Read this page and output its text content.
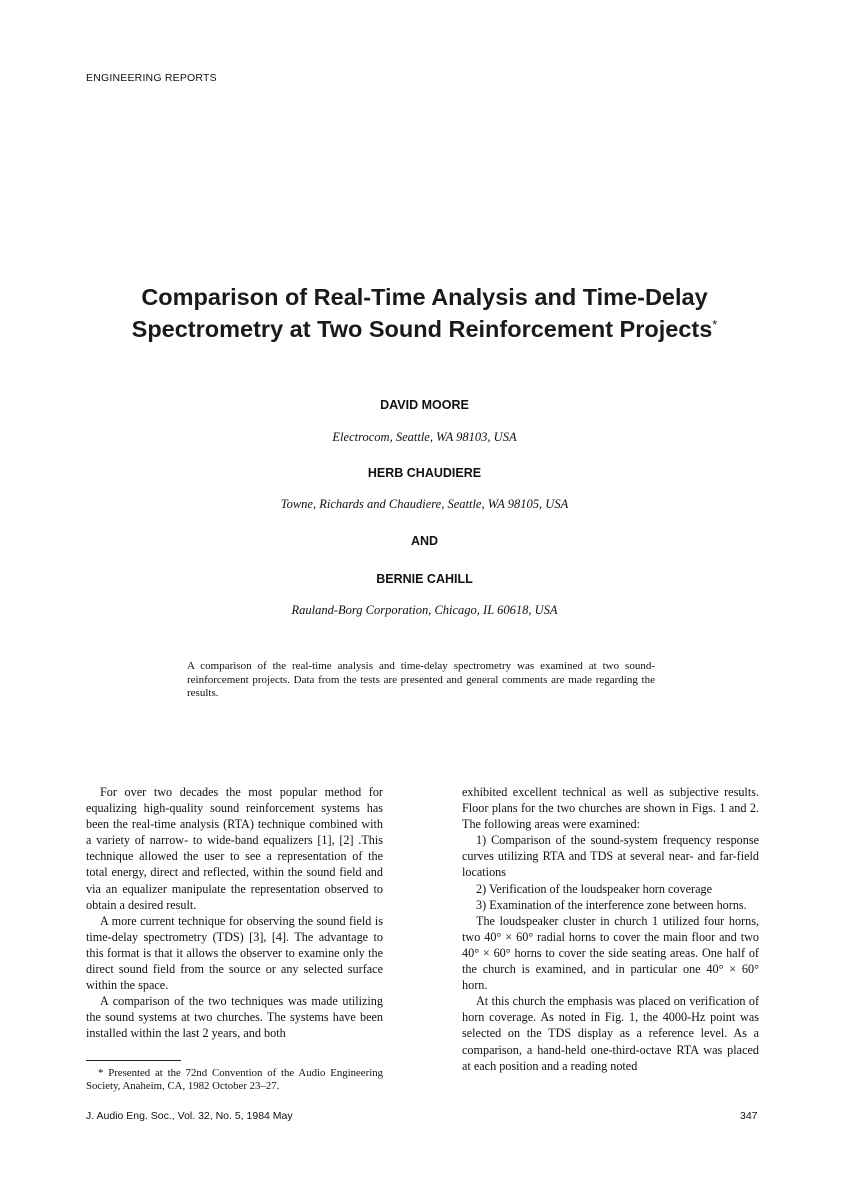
ENGINEERING REPORTS
Comparison of Real-Time Analysis and Time-Delay
Spectrometry at Two Sound Reinforcement Projects*
DAVID MOORE
Electrocom, Seattle, WA 98103, USA
HERB CHAUDIERE
Towne, Richards and Chaudiere, Seattle, WA 98105, USA
AND
BERNIE CAHILL
Rauland-Borg Corporation, Chicago, IL 60618, USA

A comparison of the real-time analysis and time-delay spectrometry was examined at two sound-reinforcement projects. Data from the tests are presented and general comments are made regarding the results.

For over two decades the most popular method for equalizing high-quality sound reinforcement systems has been the real-time analysis (RTA) technique combined with a variety of narrow- to wide-band equalizers [1], [2] .This technique allowed the user to see a representation of the total energy, direct and reflected, within the sound field and via an equalizer manipulate the representation observed to obtain a desired result.

A more current technique for observing the sound field is time-delay spectrometry (TDS) [3], [4]. The advantage to this format is that it allows the observer to examine only the direct sound field from the source or any selected surface within the space.

A comparison of the two techniques was made utilizing the sound systems at two churches. The systems have been installed within the last 2 years, and both

exhibited excellent technical as well as subjective results. Floor plans for the two churches are shown in Figs. 1 and 2. The following areas were examined:

1) Comparison of the sound-system frequency response curves utilizing RTA and TDS at several near- and far-field locations

2) Verification of the loudspeaker horn coverage

3) Examination of the interference zone between horns.

The loudspeaker cluster in church 1 utilized four horns, two 40° × 60° radial horns to cover the main floor and two 40° × 60° horns to cover the side seating areas. One half of the church is examined, and in particular one 40° × 60° horn.

At this church the emphasis was placed on verification of horn coverage. As noted in Fig. 1, the 4000-Hz point was selected on the TDS display as a reference level. As a comparison, a hand-held one-third-octave RTA was placed at each position and a reading noted

* Presented at the 72nd Convention of the Audio Engineering Society, Anaheim, CA, 1982 October 23–27.

J. Audio Eng. Soc., Vol. 32, No. 5, 1984 May	347
